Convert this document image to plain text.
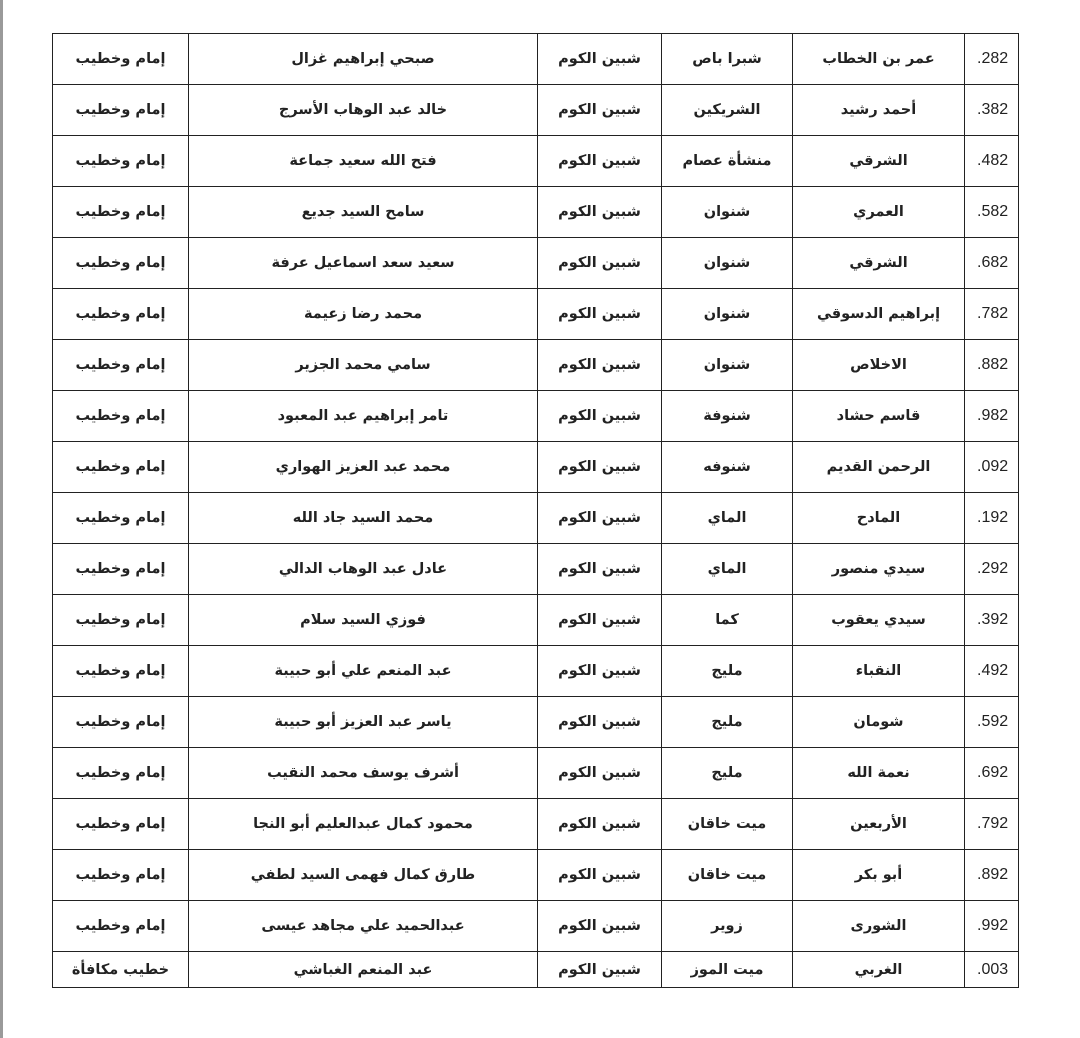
إمام وخطيب	صبحي إبراهيم غزال	شبين الكوم	شبرا باص	عمر بن الخطاب	.282
إمام وخطيب	خالد عبد الوهاب الأسرج	شبين الكوم	الشريكين	أحمد رشيد	.382
إمام وخطيب	فتح الله سعيد جماعة	شبين الكوم	منشأة عصام	الشرقي	.482
إمام وخطيب	سامح السيد جديع	شبين الكوم	شنوان	العمري	.582
إمام وخطيب	سعيد سعد اسماعيل عرفة	شبين الكوم	شنوان	الشرقي	.682
إمام وخطيب	محمد رضا زعيمة	شبين الكوم	شنوان	إبراهيم الدسوقي	.782
إمام وخطيب	سامي محمد الجزير	شبين الكوم	شنوان	الاخلاص	.882
إمام وخطيب	تامر إبراهيم عبد المعبود	شبين الكوم	شنوفة	قاسم حشاد	.982
إمام وخطيب	محمد عبد العزيز الهواري	شبين الكوم	شنوفه	الرحمن القديم	.092
إمام وخطيب	محمد السيد جاد الله	شبين الكوم	الماي	المادح	.192
إمام وخطيب	عادل عبد الوهاب الدالي	شبين الكوم	الماي	سيدي منصور	.292
إمام وخطيب	فوزي السيد سلام	شبين الكوم	كما	سيدي يعقوب	.392
إمام وخطيب	عبد المنعم علي أبو حبيبة	شبين الكوم	مليج	النقباء	.492
إمام وخطيب	ياسر عبد العزيز أبو حبيبة	شبين الكوم	مليج	شومان	.592
إمام وخطيب	أشرف يوسف محمد النقيب	شبين الكوم	مليج	نعمة الله	.692
إمام وخطيب	محمود كمال عبدالعليم أبو النجا	شبين الكوم	ميت خاقان	الأربعين	.792
إمام وخطيب	طارق كمال فهمى السيد لطفي	شبين الكوم	ميت خاقان	أبو بكر	.892
إمام وخطيب	عبدالحميد علي مجاهد عيسى	شبين الكوم	زوير	الشورى	.992
خطيب مكافأة	عبد المنعم الغباشي	شبين الكوم	ميت الموز	الغربي	.003
